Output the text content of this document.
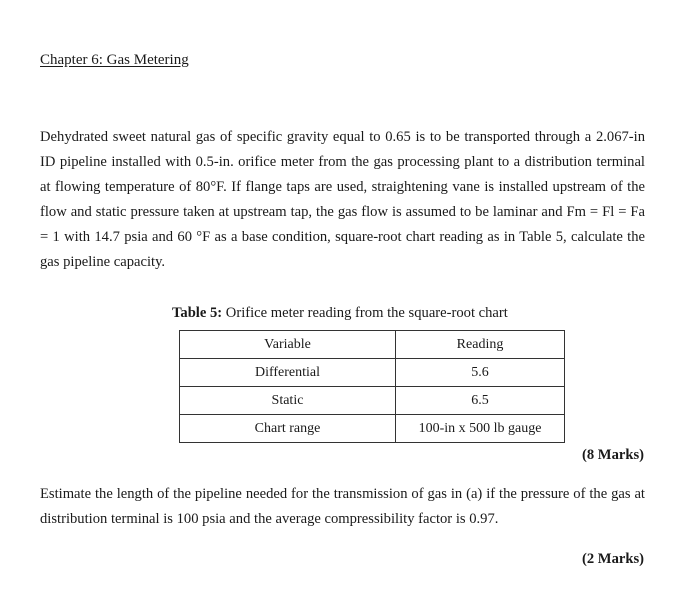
Chapter 6: Gas Metering

Dehydrated sweet natural gas of specific gravity equal to 0.65 is to be transported through a 2.067-in ID pipeline installed with 0.5-in. orifice meter from the gas processing plant to a distribution terminal at flowing temperature of 80°F. If flange taps are used, straightening vane is installed upstream of the flow and static pressure taken at upstream tap, the gas flow is assumed to be laminar and Fm = Fl = Fa = 1 with 14.7 psia and 60 °F as a base condition, square-root chart reading as in Table 5, calculate the gas pipeline capacity.

Table 5: Orifice meter reading from the square-root chart
Variable	Reading
Differential	5.6
Static	6.5
Chart range	100-in x 500 lb gauge
(8 Marks)

Estimate the length of the pipeline needed for the transmission of gas in (a) if the pressure of the gas at distribution terminal is 100 psia and the average compressibility factor is 0.97.

(2 Marks)
